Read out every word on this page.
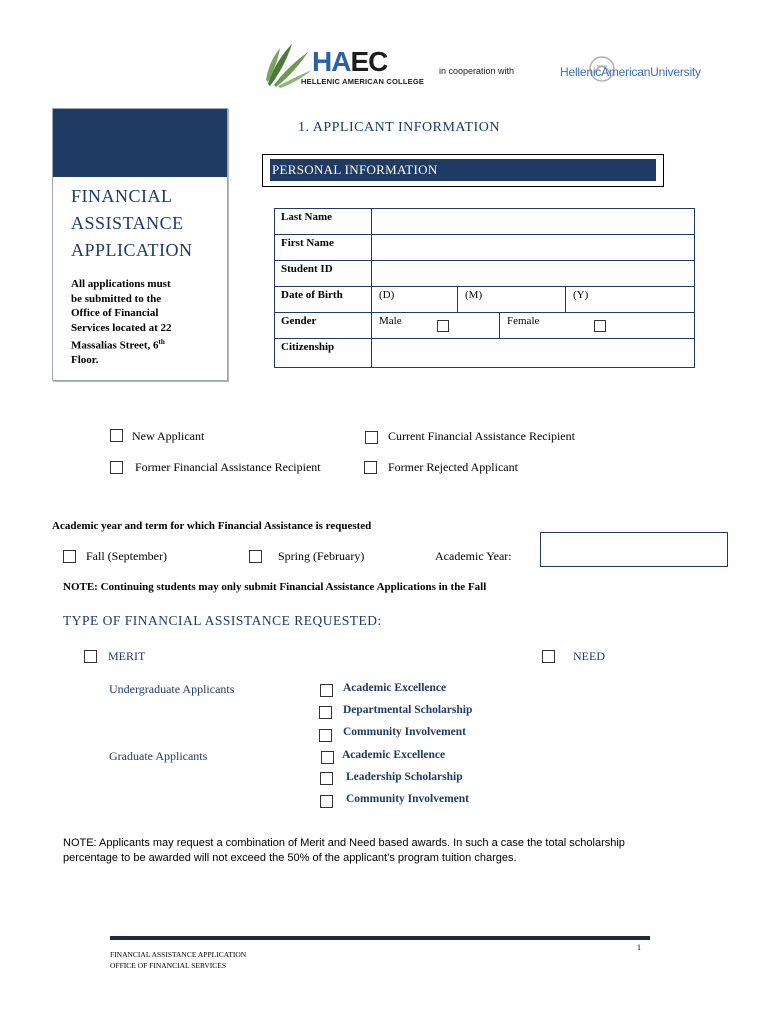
HAEC
HELLENIC AMERICAN COLLEGE
in cooperation with	HellenicAmericanUniversity
FINANCIAL
ASSISTANCE
APPLICATION
All applications must
be submitted to the
Office of Financial
Services located at 22
Massalias Street, 6th
Floor.
1. APPLICANT INFORMATION
PERSONAL INFORMATION
Last Name
First Name
Student ID
Date of Birth	(D)	(M)	(Y)
Gender	Male	Female
Citizenship
New Applicant	Current Financial Assistance Recipient
Former Financial Assistance Recipient	Former Rejected Applicant
Academic year and term for which Financial Assistance is requested
Fall (September)	Spring (February)	Academic Year:
NOTE: Continuing students may only submit Financial Assistance Applications in the Fall
TYPE OF FINANCIAL ASSISTANCE REQUESTED:
MERIT	NEED
Undergraduate Applicants	Academic Excellence
Departmental Scholarship
Community Involvement
Graduate Applicants	Academic Excellence
Leadership Scholarship
Community Involvement
NOTE: Applicants may request a combination of Merit and Need based awards. In such a case the total scholarship percentage to be awarded will not exceed the 50% of the applicant’s program tuition charges.
1
FINANCIAL ASSISTANCE APPLICATION
OFFICE OF FINANCIAL SERVICES
